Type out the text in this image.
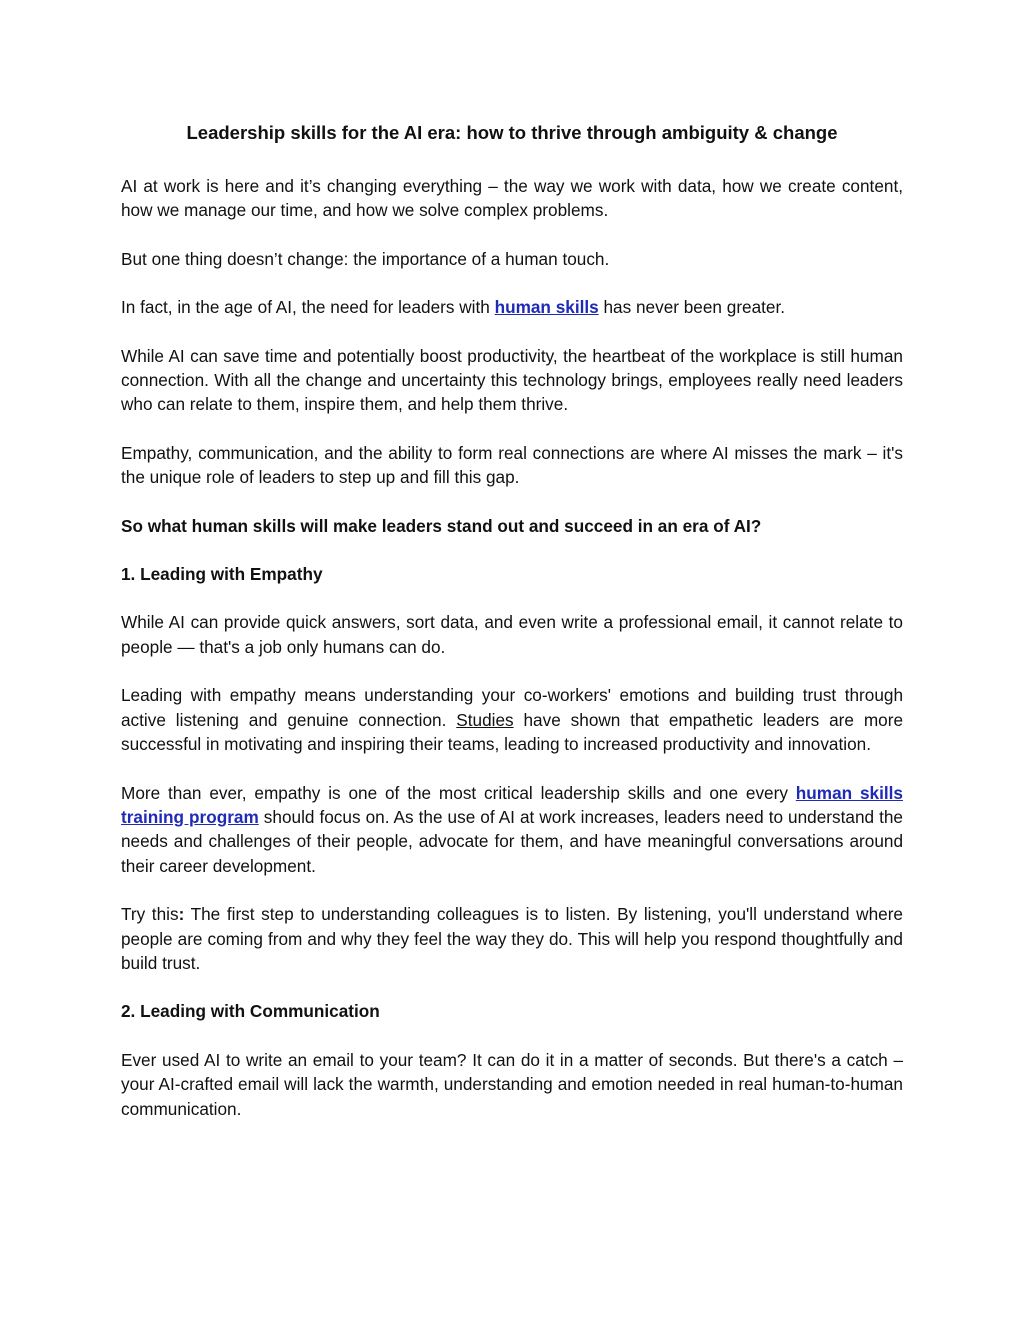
Leadership skills for the AI era: how to thrive through ambiguity & change

AI at work is here and it’s changing everything – the way we work with data, how we create content, how we manage our time, and how we solve complex problems.

But one thing doesn’t change: the importance of a human touch.

In fact, in the age of AI, the need for leaders with human skills has never been greater.

While AI can save time and potentially boost productivity, the heartbeat of the workplace is still human connection. With all the change and uncertainty this technology brings, employees really need leaders who can relate to them, inspire them, and help them thrive.

Empathy, communication, and the ability to form real connections are where AI misses the mark – it's the unique role of leaders to step up and fill this gap.

So what human skills will make leaders stand out and succeed in an era of AI?

1. Leading with Empathy

While AI can provide quick answers, sort data, and even write a professional email, it cannot relate to people — that's a job only humans can do.

Leading with empathy means understanding your co-workers' emotions and building trust through active listening and genuine connection. Studies have shown that empathetic leaders are more successful in motivating and inspiring their teams, leading to increased productivity and innovation.

More than ever, empathy is one of the most critical leadership skills and one every human skills training program should focus on. As the use of AI at work increases, leaders need to understand the needs and challenges of their people, advocate for them, and have meaningful conversations around their career development.

Try this: The first step to understanding colleagues is to listen. By listening, you'll understand where people are coming from and why they feel the way they do. This will help you respond thoughtfully and build trust.

2. Leading with Communication

Ever used AI to write an email to your team? It can do it in a matter of seconds. But there's a catch – your AI-crafted email will lack the warmth, understanding and emotion needed in real human-to-human communication.
